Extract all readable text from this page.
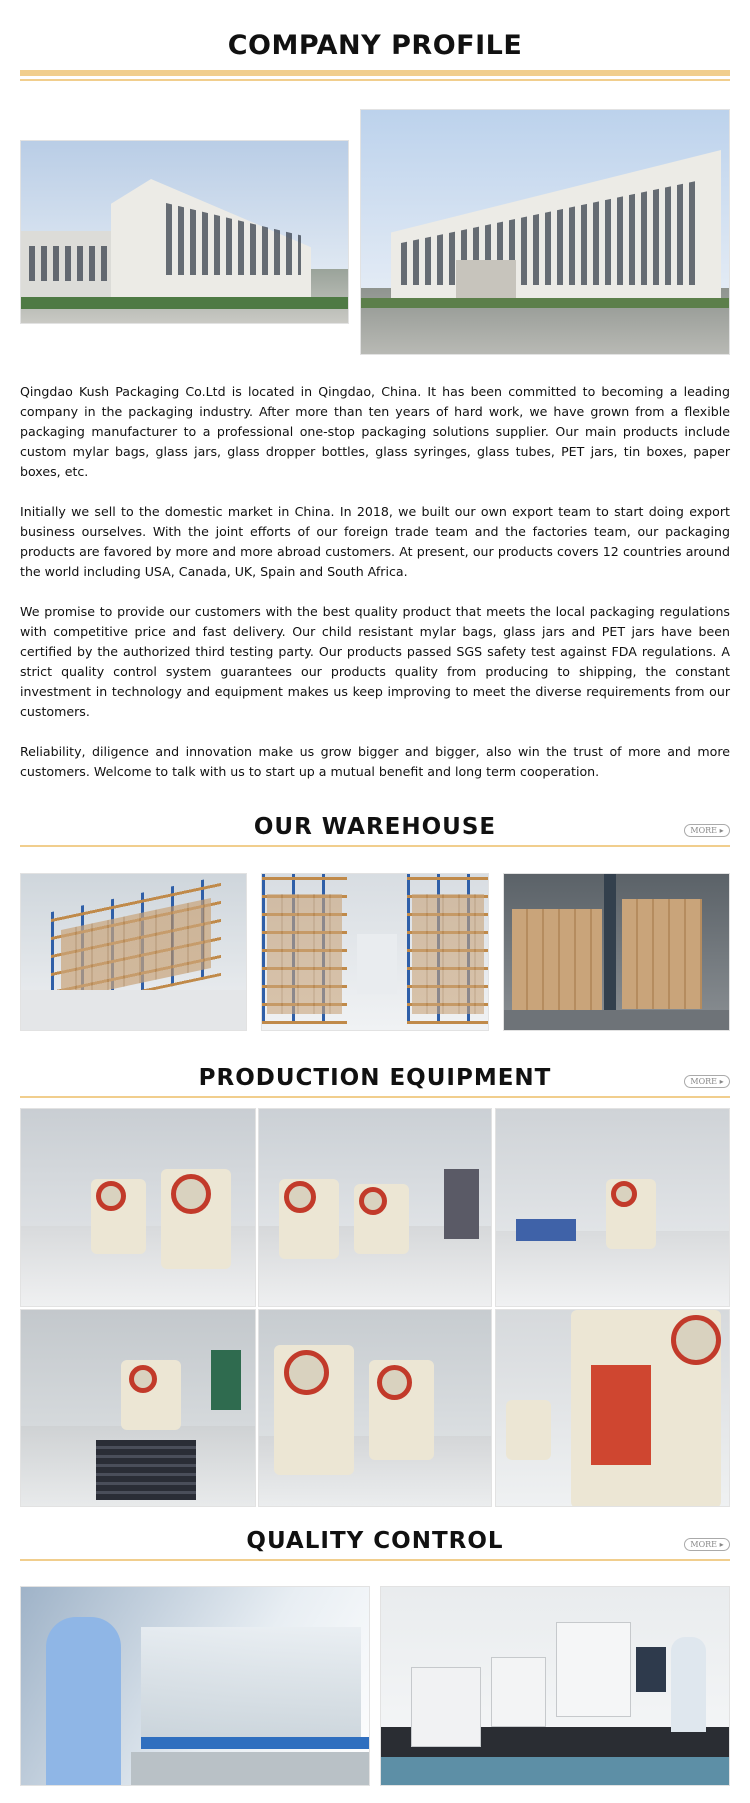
COMPANY PROFILE

Qingdao Kush Packaging Co.Ltd is located in Qingdao, China. It has been committed to becoming a leading company in the packaging industry. After more than ten years of hard work, we have grown from a flexible packaging manufacturer to a professional one-stop packaging solutions supplier. Our main products include custom mylar bags, glass jars, glass dropper bottles, glass syringes, glass tubes, PET jars, tin boxes, paper boxes, etc.

Initially we sell to the domestic market in China. In 2018, we built our own export team to start doing export business ourselves. With the joint efforts of our foreign trade team and the factories team, our packaging products are favored by more and more abroad customers. At present, our products covers 12 countries around the world including USA, Canada, UK, Spain and South Africa.

We promise to provide our customers with the best quality product that meets the local packaging regulations with competitive price and fast delivery. Our child resistant mylar bags, glass jars and PET jars have been certified by the authorized third testing party. Our products passed SGS safety test against FDA regulations. A strict quality control system guarantees our products quality from producing to shipping, the constant investment in technology and equipment makes us keep improving to meet the diverse requirements from our customers.

Reliability, diligence and innovation make us grow bigger and bigger, also win the trust of more and more customers. Welcome to talk with us to start up a mutual benefit and long term cooperation.

OUR WAREHOUSE	MORE ▸
PRODUCTION EQUIPMENT	MORE ▸
QUALITY CONTROL	MORE ▸
